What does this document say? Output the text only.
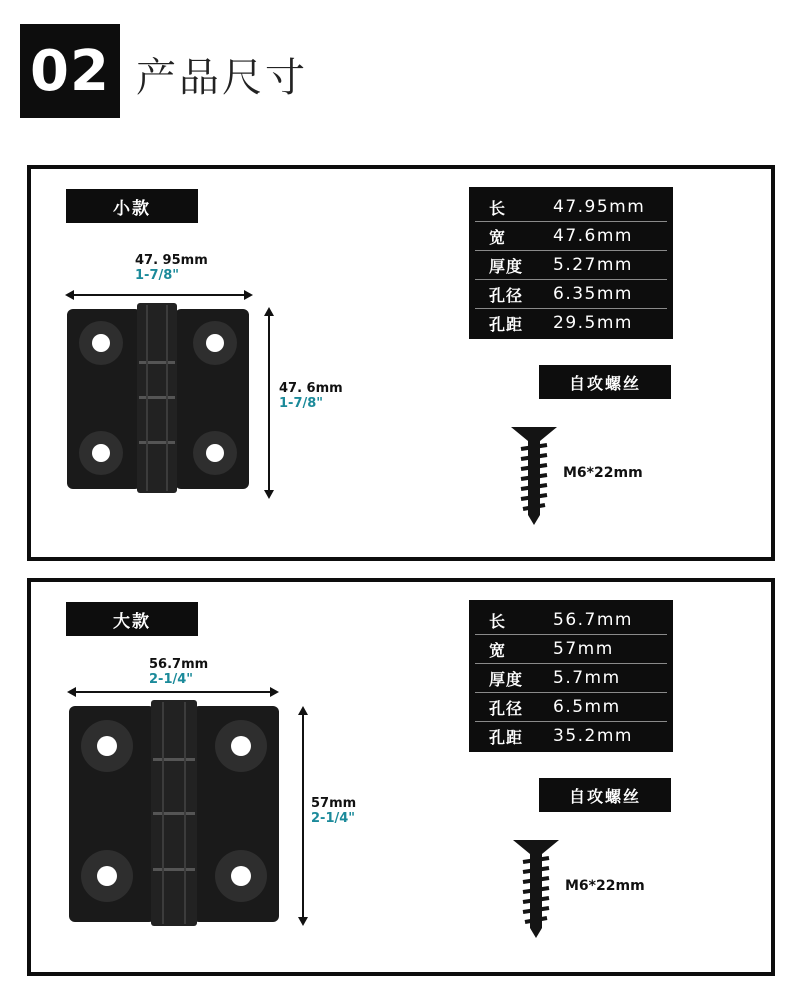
02 产品尺寸
小款
47. 95mm
1-7/8"
47. 6mm
1-7/8"
长	47.95mm
宽	47.6mm
厚度	5.27mm
孔径	6.35mm
孔距	29.5mm
自攻螺丝
M6*22mm
大款
56.7mm
2-1/4"
57mm
2-1/4"
长	56.7mm
宽	57mm
厚度	5.7mm
孔径	6.5mm
孔距	35.2mm
自攻螺丝
M6*22mm
